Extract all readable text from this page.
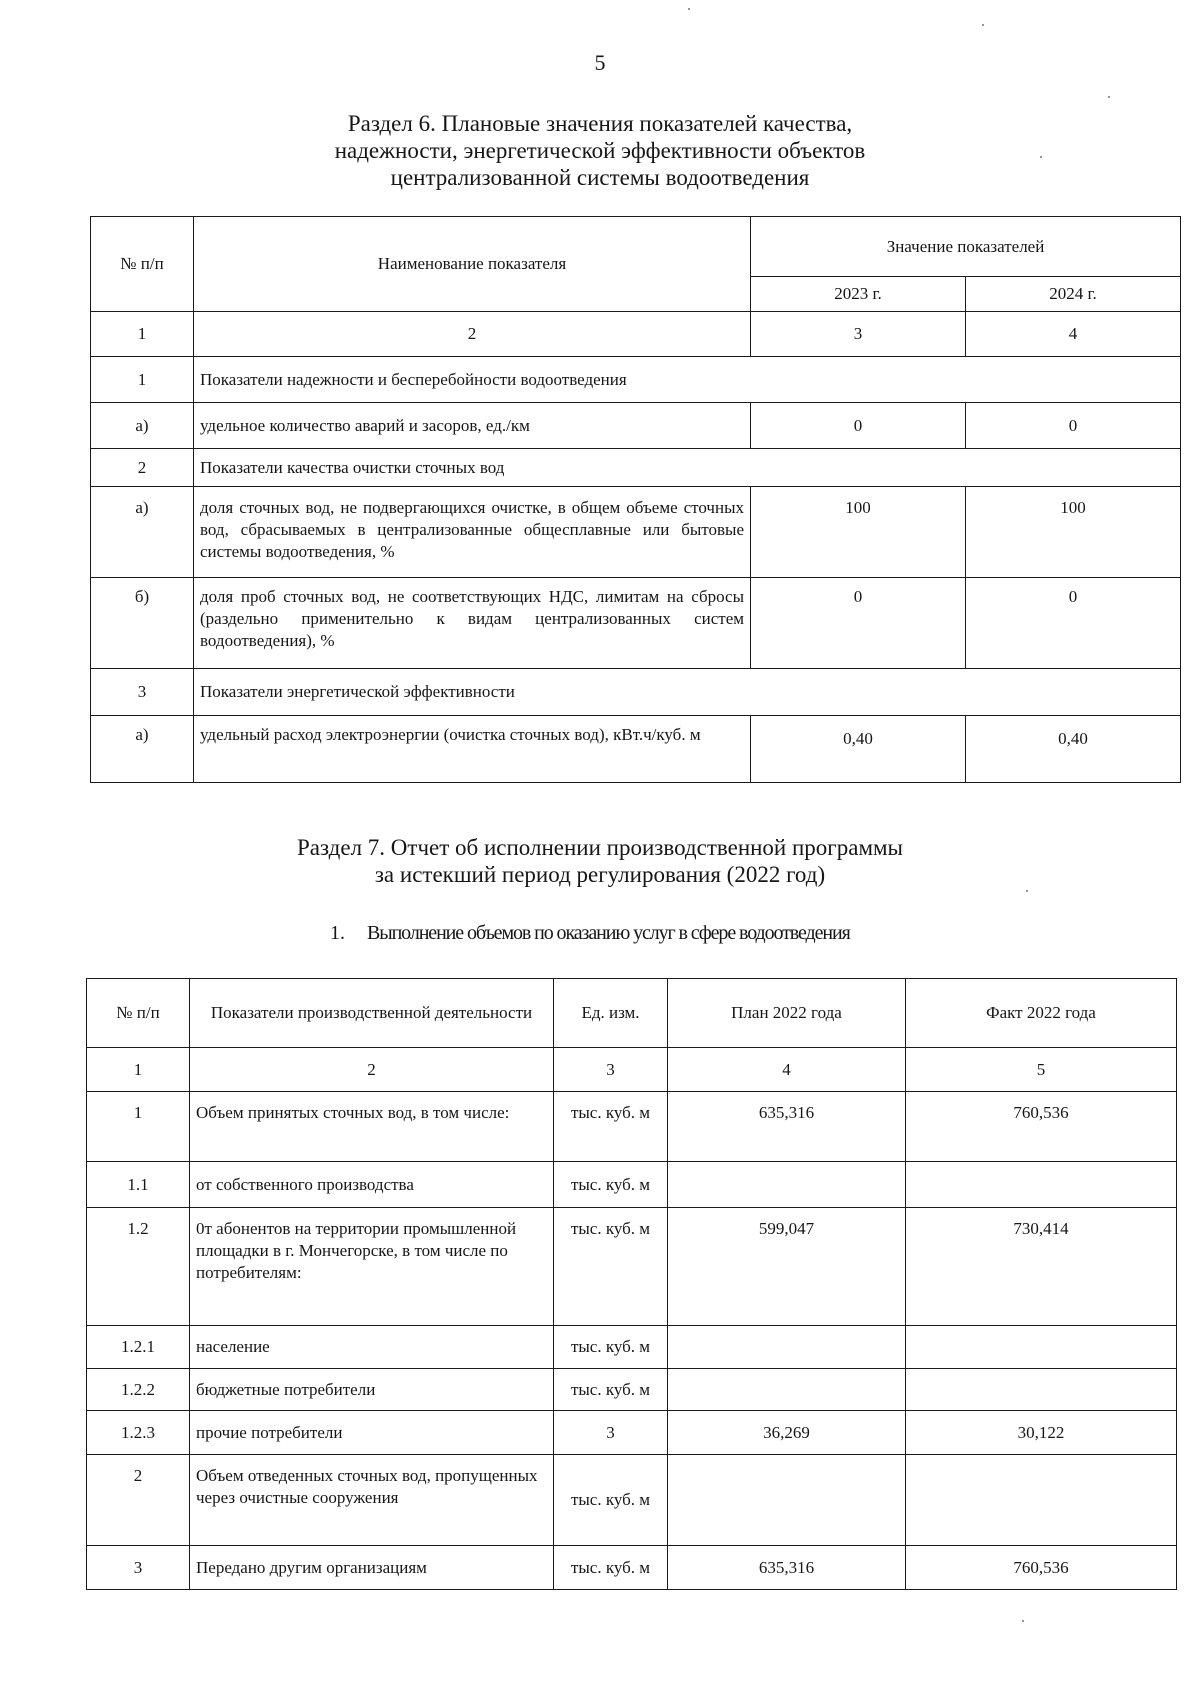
5
Раздел 6. Плановые значения показателей качества,
надежности, энергетической эффективности объектов
централизованной системы водоотведения
№ п/п	Наименование показателя	Значение показателей	
		2023 г.	2024 г.
1	2	3	4
1	Показатели надежности и бесперебойности водоотведения		
а)	удельное количество аварий и засоров, ед./км	0	0
2	Показатели качества очистки сточных вод		
а)	доля сточных вод, не подвергающихся очистке, в общем объеме сточных вод, сбрасываемых в централизованные общесплавные или бытовые системы водоотведения, %	100	100
б)	доля проб сточных вод, не соответствующих НДС, лимитам на сбросы (раздельно применительно к видам централизованных систем водоотведения), %	0	0
3	Показатели энергетической эффективности		
а)	удельный расход электроэнергии (очистка сточных вод), кВт.ч/куб. м	0,40	0,40
Раздел 7. Отчет об исполнении производственной программы
за истекший период регулирования (2022 год)
1. Выполнение объемов по оказанию услуг в сфере водоотведения
№ п/п	Показатели производственной деятельности	Ед. изм.	План 2022 года	Факт 2022 года
1	2	3	4	5
1	Объем принятых сточных вод, в том числе:	тыс. куб. м	635,316	760,536
1.1	от собственного производства	тыс. куб. м		
1.2	0т абонентов на территории промышленной площадки в г. Мончегорске, в том числе по потребителям:	тыс. куб. м	599,047	730,414
1.2.1	население	тыс. куб. м		
1.2.2	бюджетные потребители	тыс. куб. м		
1.2.3	прочие потребители	3	36,269	30,122
2	Объем отведенных сточных вод, пропущенных через очистные сооружения	тыс. куб. м		
3	Передано другим организациям	тыс. куб. м	635,316	760,536
